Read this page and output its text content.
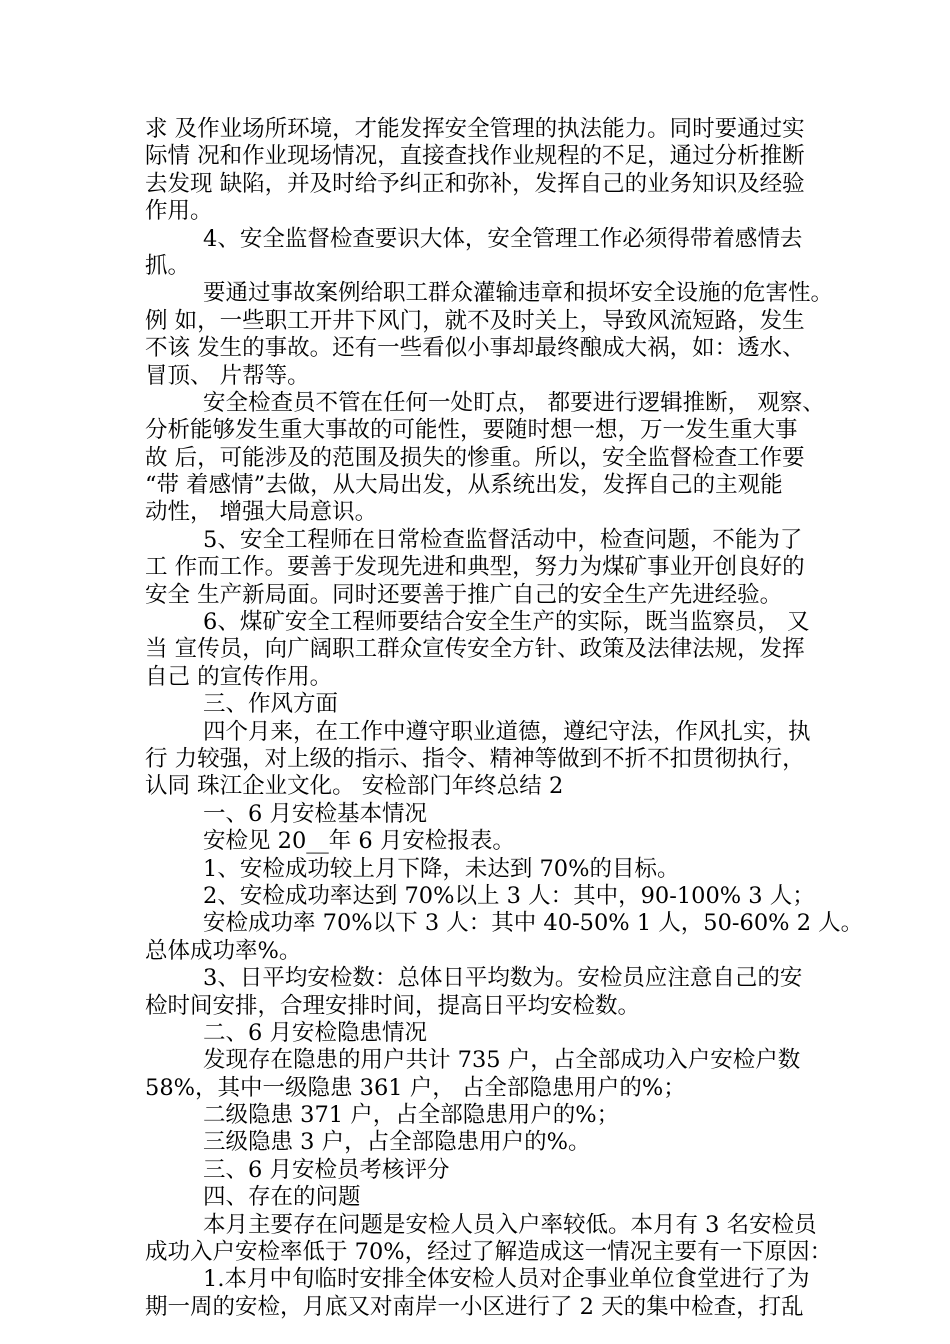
求 及作业场所环境，才能发挥安全管理的执法能力。同时要通过实
际情 况和作业现场情况，直接查找作业规程的不足，通过分析推断
去发现 缺陷，并及时给予纠正和弥补，发挥自己的业务知识及经验
作用。
4、安全监督检查要识大体，安全管理工作必须得带着感情去
抓。
要通过事故案例给职工群众灌输违章和损坏安全设施的危害性。
例 如，一些职工开井下风门，就不及时关上，导致风流短路，发生
不该 发生的事故。还有一些看似小事却最终酿成大祸，如：透水、
冒顶、 片帮等。
安全检查员不管在任何一处盯点， 都要进行逻辑推断， 观察、
分析能够发生重大事故的可能性，要随时想一想，万一发生重大事
故 后，可能涉及的范围及损失的惨重。所以，安全监督检查工作要
“带 着感情”去做，从大局出发，从系统出发，发挥自己的主观能
动性， 增强大局意识。
5、安全工程师在日常检查监督活动中，检查问题，不能为了
工 作而工作。要善于发现先进和典型，努力为煤矿事业开创良好的
安全 生产新局面。同时还要善于推广自己的安全生产先进经验。
6、煤矿安全工程师要结合安全生产的实际，既当监察员， 又
当 宣传员，向广阔职工群众宣传安全方针、政策及法律法规，发挥
自己 的宣传作用。
三、作风方面
四个月来，在工作中遵守职业道德，遵纪守法，作风扎实，执
行 力较强，对上级的指示、指令、精神等做到不折不扣贯彻执行，
认同 珠江企业文化。 安检部门年终总结 2
一、6 月安检基本情况
安检见 20__年 6 月安检报表。
1、安检成功较上月下降，未达到 70%的目标。
2、安检成功率达到 70%以上 3 人：其中，90-100% 3 人；
安检成功率 70%以下 3 人：其中 40-50% 1 人，50-60% 2 人。
总体成功率%。
3、日平均安检数：总体日平均数为。安检员应注意自己的安
检时间安排，合理安排时间，提高日平均安检数。
二、6 月安检隐患情况
发现存在隐患的用户共计 735 户，占全部成功入户安检户数
58%，其中一级隐患 361 户， 占全部隐患用户的%；
二级隐患 371 户，占全部隐患用户的%；
三级隐患 3 户，占全部隐患用户的%。
三、6 月安检员考核评分
四、存在的问题
本月主要存在问题是安检人员入户率较低。本月有 3 名安检员
成功入户安检率低于 70%，经过了解造成这一情况主要有一下原因：
1.本月中旬临时安排全体安检人员对企事业单位食堂进行了为
期一周的安检，月底又对南岸一小区进行了 2 天的集中检查，打乱
